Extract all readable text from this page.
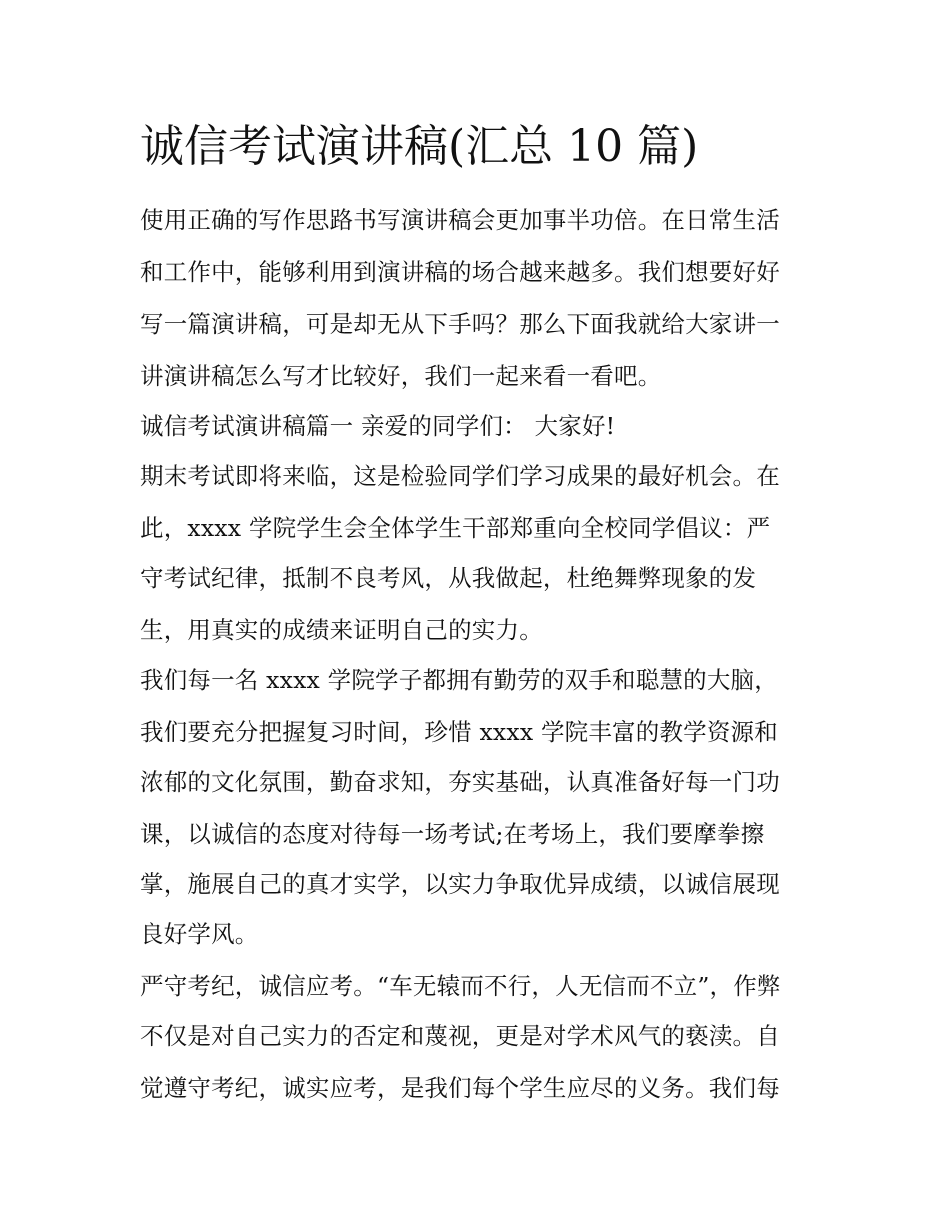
诚信考试演讲稿(汇总 10 篇)

使用正确的写作思路书写演讲稿会更加事半功倍。在日常生活

和工作中，能够利用到演讲稿的场合越来越多。我们想要好好

写一篇演讲稿，可是却无从下手吗？那么下面我就给大家讲一

讲演讲稿怎么写才比较好，我们一起来看一看吧。

诚信考试演讲稿篇一 亲爱的同学们： 大家好!

期末考试即将来临，这是检验同学们学习成果的最好机会。在

此，xxxx 学院学生会全体学生干部郑重向全校同学倡议：严

守考试纪律，抵制不良考风，从我做起，杜绝舞弊现象的发

生，用真实的成绩来证明自己的实力。

我们每一名 xxxx 学院学子都拥有勤劳的双手和聪慧的大脑，

我们要充分把握复习时间，珍惜 xxxx 学院丰富的教学资源和

浓郁的文化氛围，勤奋求知，夯实基础，认真准备好每一门功

课，以诚信的态度对待每一场考试;在考场上，我们要摩拳擦

掌，施展自己的真才实学，以实力争取优异成绩，以诚信展现

良好学风。

严守考纪，诚信应考。“车无辕而不行，人无信而不立”，作弊

不仅是对自己实力的否定和蔑视，更是对学术风气的亵渎。自

觉遵守考纪，诚实应考，是我们每个学生应尽的义务。我们每
